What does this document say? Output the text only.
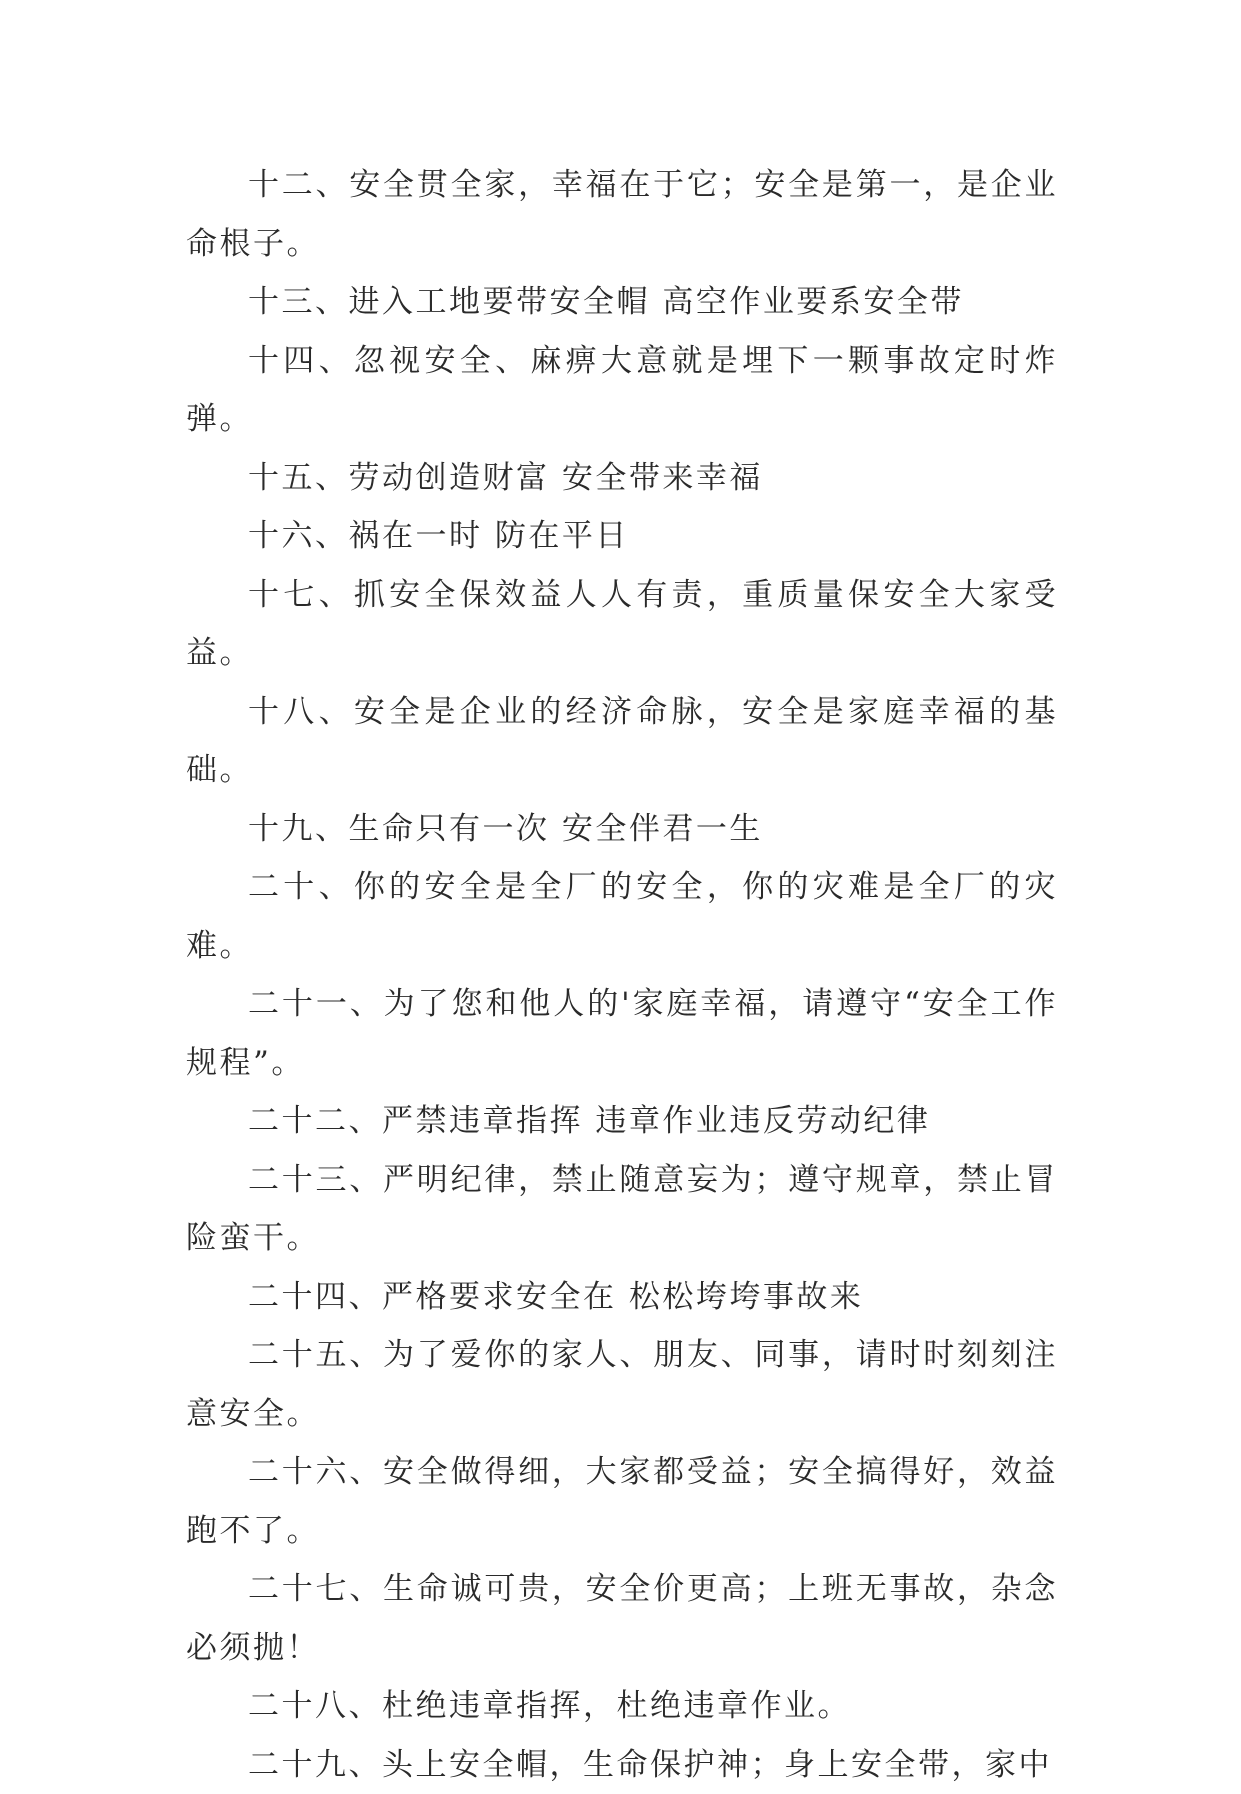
十二、安全贯全家，幸福在于它；安全是第一，是企业命根子。

十三、进入工地要带安全帽 高空作业要系安全带

十四、忽视安全、麻痹大意就是埋下一颗事故定时炸弹。

十五、劳动创造财富 安全带来幸福

十六、祸在一时 防在平日

十七、抓安全保效益人人有责，重质量保安全大家受益。

十八、安全是企业的经济命脉，安全是家庭幸福的基础。

十九、生命只有一次 安全伴君一生

二十、你的安全是全厂的安全，你的灾难是全厂的灾难。

二十一、为了您和他人的'家庭幸福，请遵守“安全工作规程”。

二十二、严禁违章指挥 违章作业违反劳动纪律

二十三、严明纪律，禁止随意妄为；遵守规章，禁止冒险蛮干。

二十四、严格要求安全在 松松垮垮事故来

二十五、为了爱你的家人、朋友、同事，请时时刻刻注意安全。

二十六、安全做得细，大家都受益；安全搞得好，效益跑不了。

二十七、生命诚可贵，安全价更高；上班无事故，杂念必须抛！

二十八、杜绝违章指挥，杜绝违章作业。

二十九、头上安全帽，生命保护神；身上安全带，家中
